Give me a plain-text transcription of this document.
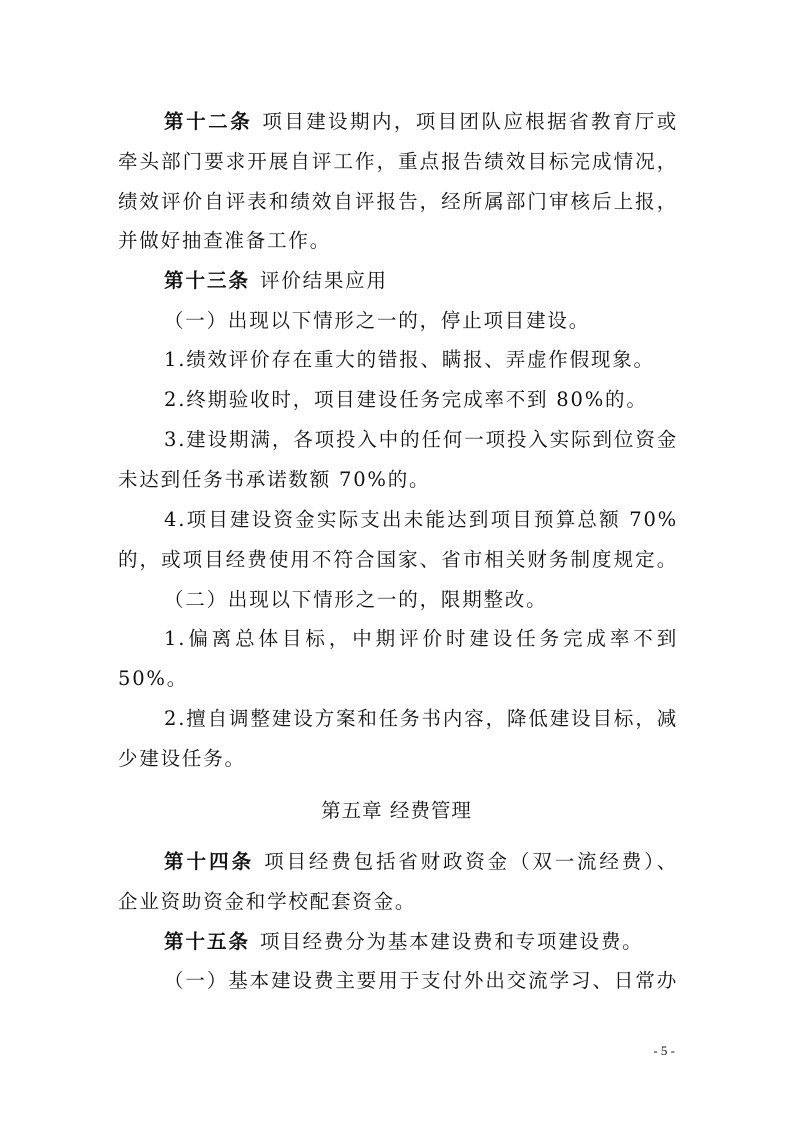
第十二条 项目建设期内，项目团队应根据省教育厅或
牵头部门要求开展自评工作，重点报告绩效目标完成情况，
绩效评价自评表和绩效自评报告，经所属部门审核后上报，
并做好抽查准备工作。
第十三条 评价结果应用
（一）出现以下情形之一的，停止项目建设。
1.绩效评价存在重大的错报、瞒报、弄虚作假现象。
2.终期验收时，项目建设任务完成率不到 80%的。
3.建设期满，各项投入中的任何一项投入实际到位资金
未达到任务书承诺数额 70%的。
4.项目建设资金实际支出未能达到项目预算总额 70%
的，或项目经费使用不符合国家、省市相关财务制度规定。
（二）出现以下情形之一的，限期整改。
1.偏离总体目标，中期评价时建设任务完成率不到
50%。
2.擅自调整建设方案和任务书内容，降低建设目标，减
少建设任务。
第五章 经费管理
第十四条 项目经费包括省财政资金（双一流经费）、
企业资助资金和学校配套资金。
第十五条 项目经费分为基本建设费和专项建设费。
（一）基本建设费主要用于支付外出交流学习、日常办
- 5 -
